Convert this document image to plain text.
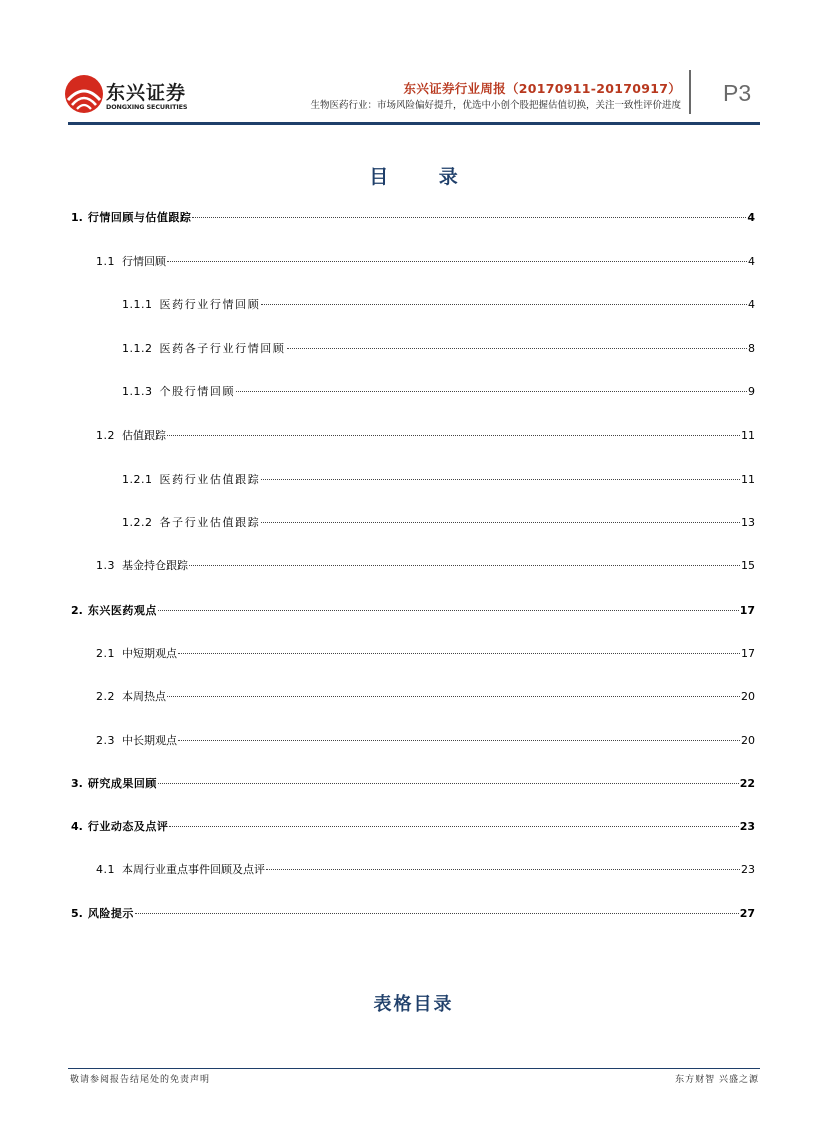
东兴证券
DONGXING SECURITIES
东兴证券行业周报（20170911-20170917）
生物医药行业：市场风险偏好提升，优选中小创个股把握估值切换，关注一致性评价进度 P3
目 录
1. 行情回顾与估值跟踪	4
1.1 行情回顾	4
1.1.1 医药行业行情回顾	4
1.1.2 医药各子行业行情回顾	8
1.1.3 个股行情回顾	9
1.2 估值跟踪	11
1.2.1 医药行业估值跟踪	11
1.2.2 各子行业估值跟踪	13
1.3 基金持仓跟踪	15
2. 东兴医药观点	17
2.1 中短期观点	17
2.2 本周热点	20
2.3 中长期观点	20
3. 研究成果回顾	22
4. 行业动态及点评	23
4.1 本周行业重点事件回顾及点评	23
5. 风险提示	27
表格目录
敬请参阅报告结尾处的免责声明	东方财智 兴盛之源
